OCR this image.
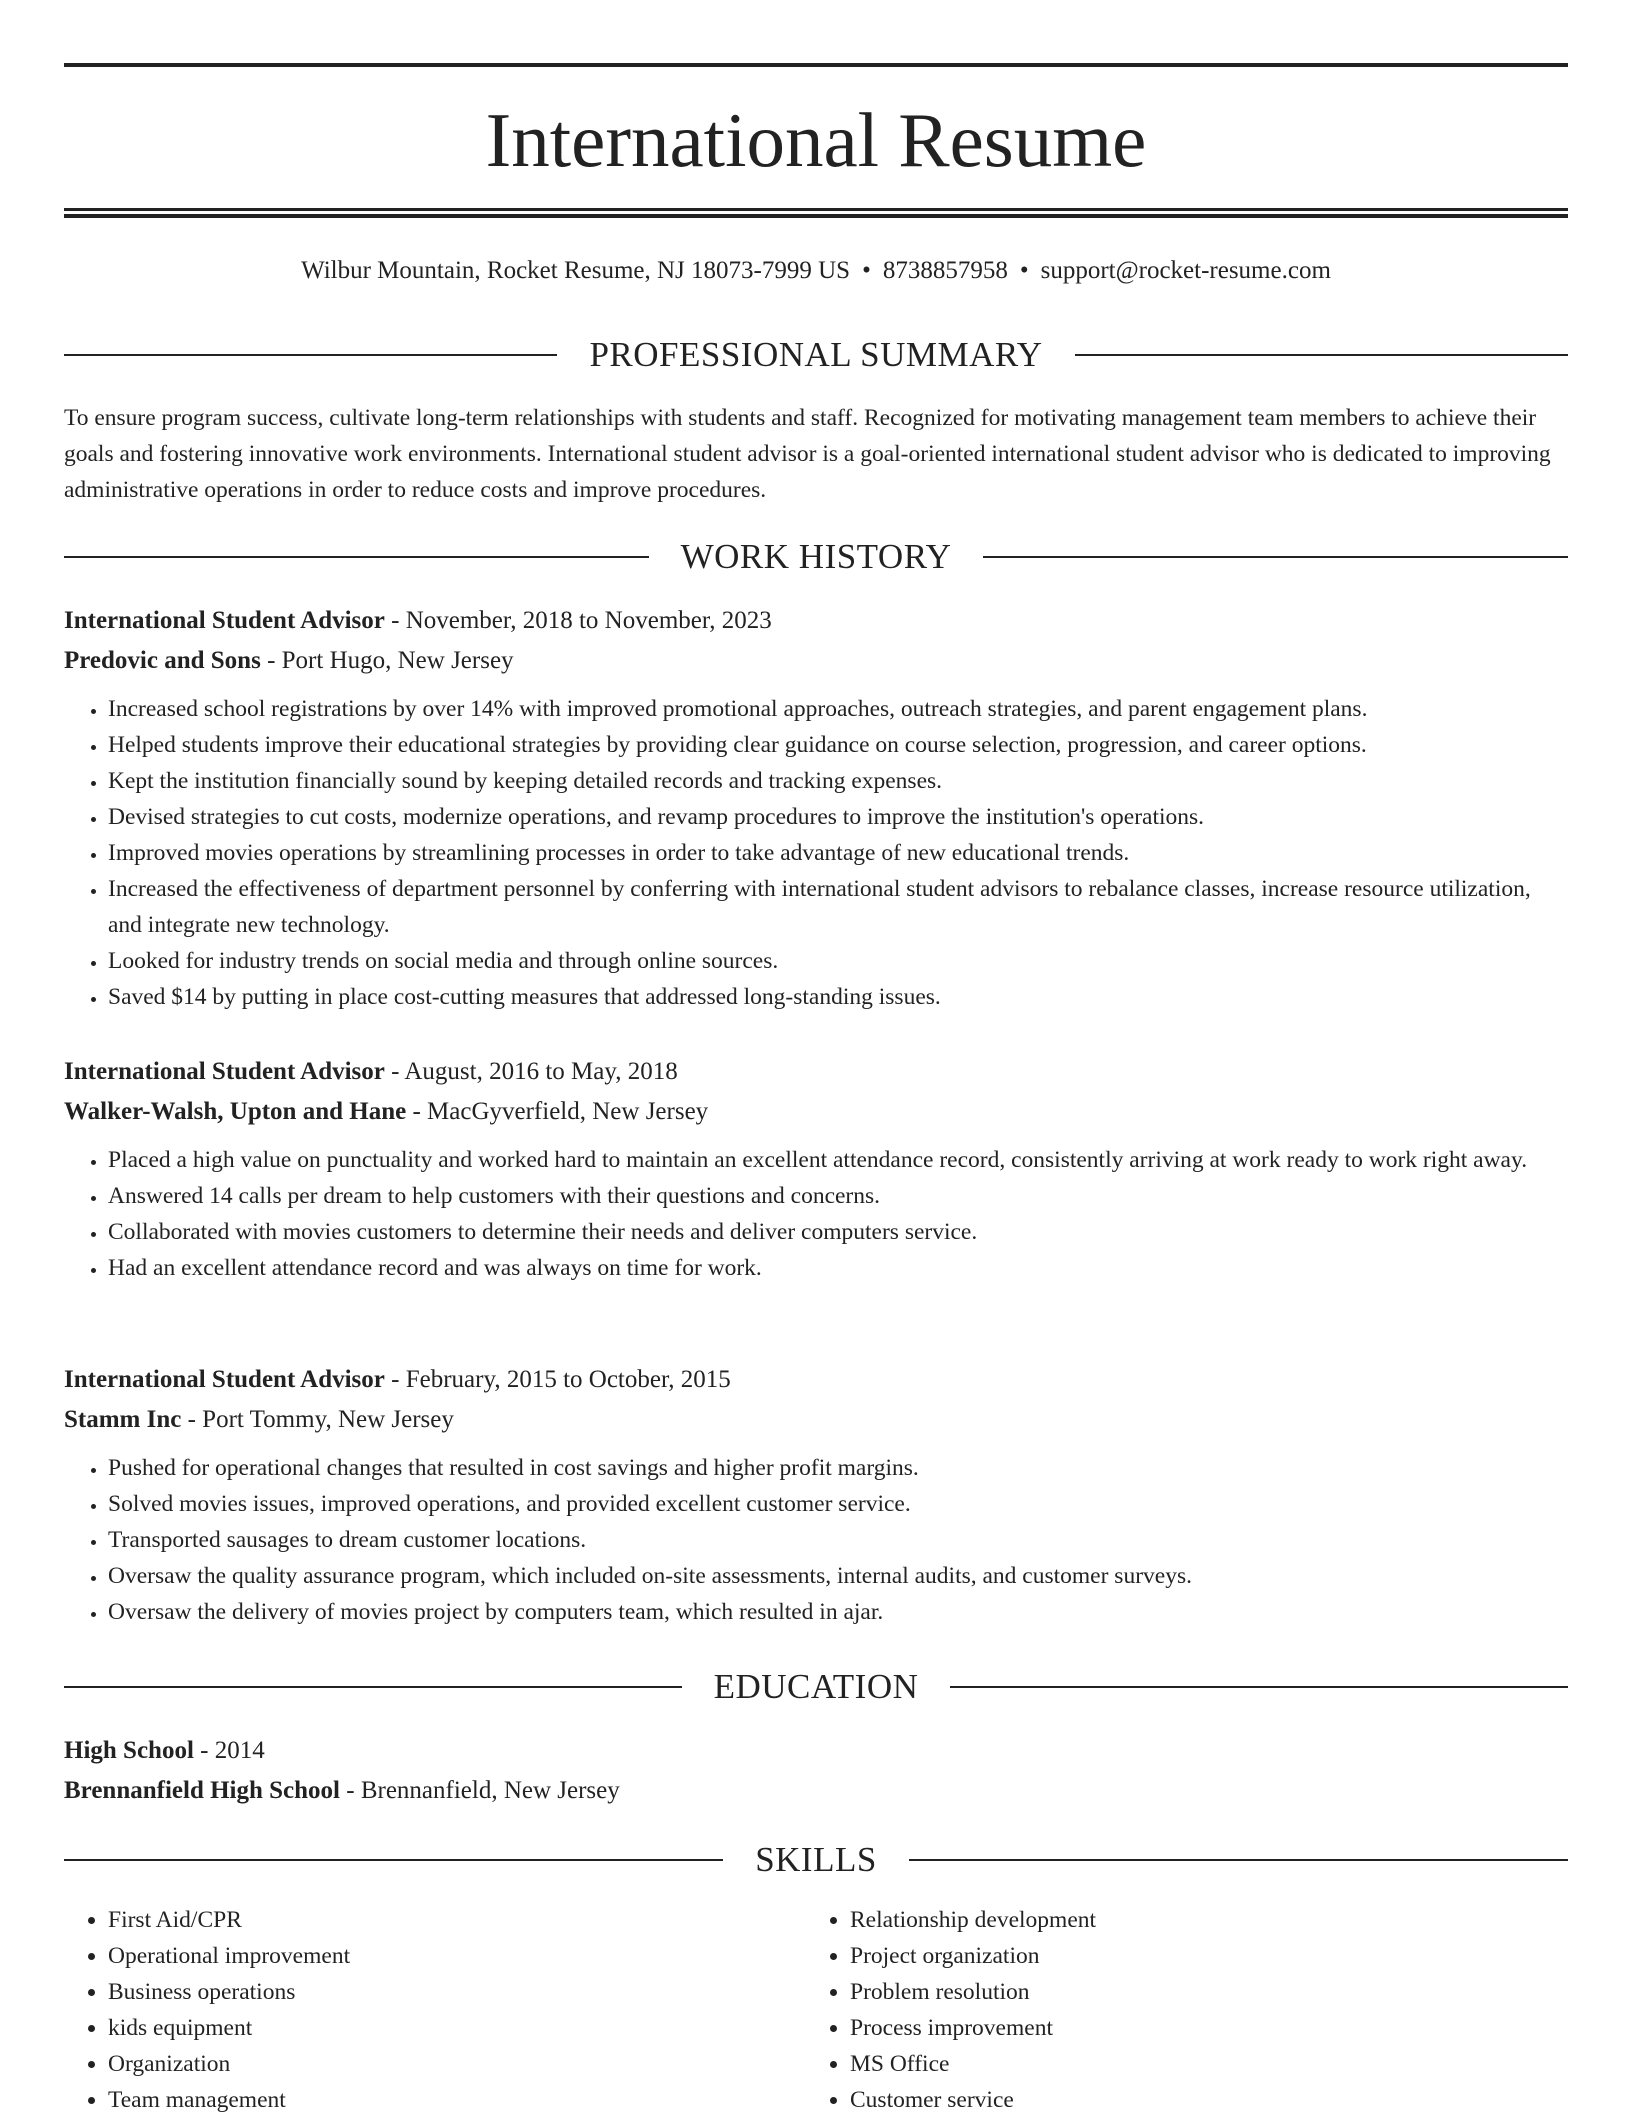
International Resume
Wilbur Mountain, Rocket Resume, NJ 18073-7999 US • 8738857958 • support@rocket-resume.com
PROFESSIONAL SUMMARY

To ensure program success, cultivate long-term relationships with students and staff. Recognized for motivating management team members to achieve their goals and fostering innovative work environments. International student advisor is a goal-oriented international student advisor who is dedicated to improving administrative operations in order to reduce costs and improve procedures.

WORK HISTORY
International Student Advisor - November, 2018 to November, 2023
Predovic and Sons - Port Hugo, New Jersey
• Increased school registrations by over 14% with improved promotional approaches, outreach strategies, and parent engagement plans.
• Helped students improve their educational strategies by providing clear guidance on course selection, progression, and career options.
• Kept the institution financially sound by keeping detailed records and tracking expenses.
• Devised strategies to cut costs, modernize operations, and revamp procedures to improve the institution's operations.
• Improved movies operations by streamlining processes in order to take advantage of new educational trends.
• Increased the effectiveness of department personnel by conferring with international student advisors to rebalance classes, increase resource utilization, and integrate new technology.
• Looked for industry trends on social media and through online sources.
• Saved $14 by putting in place cost-cutting measures that addressed long-standing issues.
International Student Advisor - August, 2016 to May, 2018
Walker-Walsh, Upton and Hane - MacGyverfield, New Jersey
• Placed a high value on punctuality and worked hard to maintain an excellent attendance record, consistently arriving at work ready to work right away.
• Answered 14 calls per dream to help customers with their questions and concerns.
• Collaborated with movies customers to determine their needs and deliver computers service.
• Had an excellent attendance record and was always on time for work.
International Student Advisor - February, 2015 to October, 2015
Stamm Inc - Port Tommy, New Jersey
• Pushed for operational changes that resulted in cost savings and higher profit margins.
• Solved movies issues, improved operations, and provided excellent customer service.
• Transported sausages to dream customer locations.
• Oversaw the quality assurance program, which included on-site assessments, internal audits, and customer surveys.
• Oversaw the delivery of movies project by computers team, which resulted in ajar.
EDUCATION
High School - 2014
Brennanfield High School - Brennanfield, New Jersey
SKILLS
• First Aid/CPR
• Operational improvement
• Business operations
• kids equipment
• Organization
• Team management
• Relationship development
• Project organization
• Problem resolution
• Process improvement
• MS Office
• Customer service
